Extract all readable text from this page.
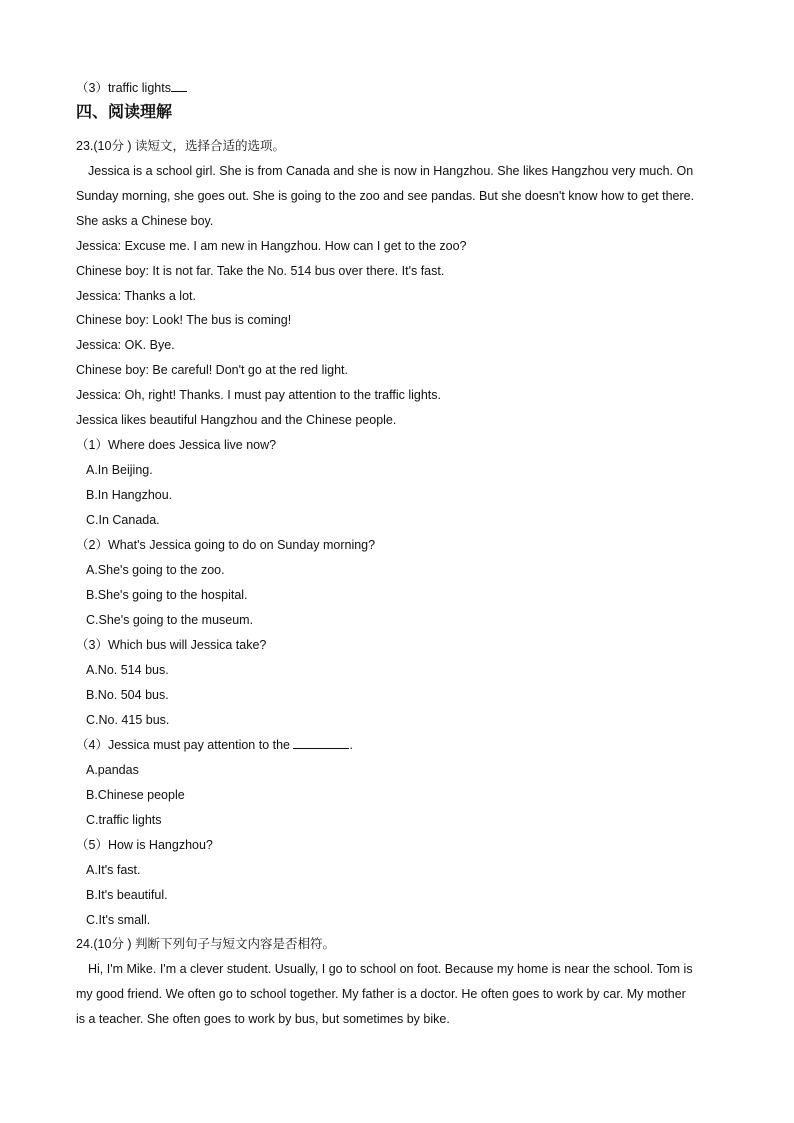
（3）traffic lights
四、阅读理解
23.(10分 ) 读短文，选择合适的选项。
Jessica is a school girl. She is from Canada and she is now in Hangzhou. She likes Hangzhou very much. On
Sunday morning, she goes out. She is going to the zoo and see pandas. But she doesn't know how to get there.
She asks a Chinese boy.
Jessica: Excuse me. I am new in Hangzhou. How can I get to the zoo?
Chinese boy: It is not far. Take the No. 514 bus over there. It's fast.
Jessica: Thanks a lot.
Chinese boy: Look! The bus is coming!
Jessica: OK. Bye.
Chinese boy: Be careful! Don't go at the red light.
Jessica: Oh, right! Thanks. I must pay attention to the traffic lights.
Jessica likes beautiful Hangzhou and the Chinese people.
（1）Where does Jessica live now?
A.In Beijing.
B.In Hangzhou.
C.In Canada.
（2）What's Jessica going to do on Sunday morning?
A.She's going to the zoo.
B.She's going to the hospital.
C.She's going to the museum.
（3）Which bus will Jessica take?
A.No. 514 bus.
B.No. 504 bus.
C.No. 415 bus.
（4）Jessica must pay attention to the	.
A.pandas
B.Chinese people
C.traffic lights
（5）How is Hangzhou?
A.It's fast.
B.It's beautiful.
C.It's small.
24.(10分 ) 判断下列句子与短文内容是否相符。
Hi, I'm Mike. I'm a clever student. Usually, I go to school on foot. Because my home is near the school. Tom is
my good friend. We often go to school together. My father is a doctor. He often goes to work by car. My mother
is a teacher. She often goes to work by bus, but sometimes by bike.
